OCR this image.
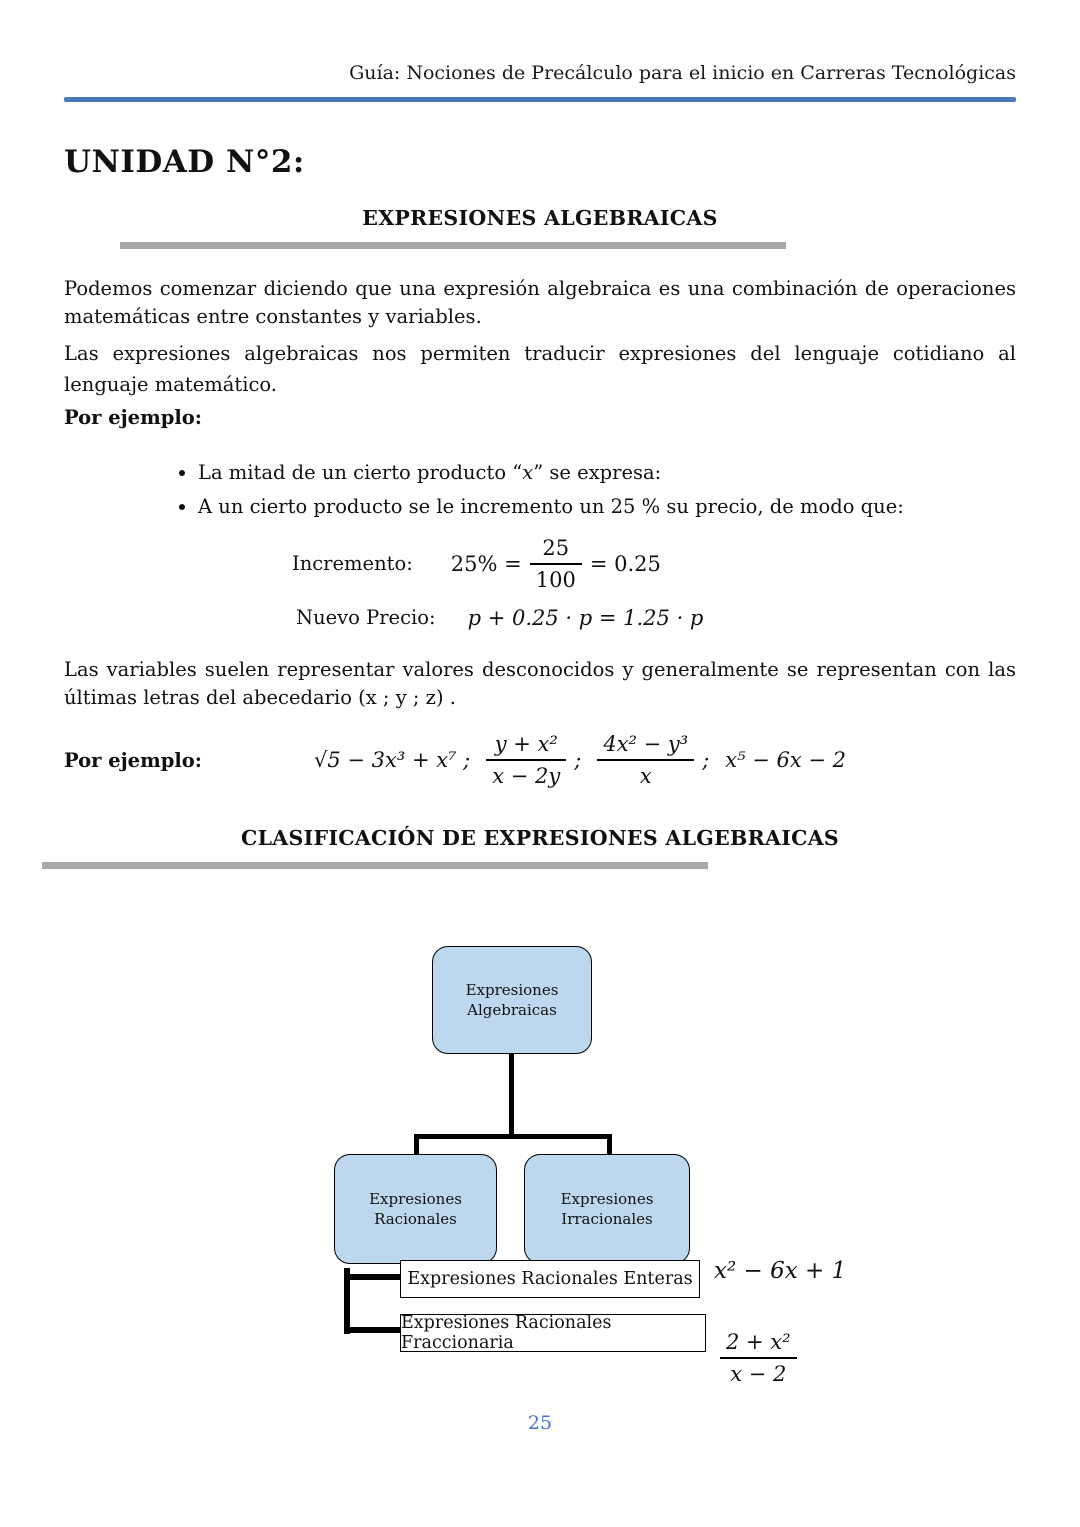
Guía: Nociones de Precálculo para el inicio en Carreras Tecnológicas
UNIDAD N°2:
EXPRESIONES ALGEBRAICAS

Podemos comenzar diciendo que una expresión algebraica es una combinación de operaciones matemáticas entre constantes y variables.

Las expresiones algebraicas nos permiten traducir expresiones del lenguaje cotidiano al lenguaje matemático.

Por ejemplo:
• La mitad de un cierto producto “x” se expresa:
• A un cierto producto se le incremento un 25 % su precio, de modo que:
Incremento: $25\% = \frac{25}{100} = 0.25$
Nuevo Precio: p + 0.25 · p = 1.25 · p

Las variables suelen representar valores desconocidos y generalmente se representan con las últimas letras del abecedario (x ; y ; z) .

Por ejemplo:	√5 − 3x³ + x⁷ ; $\frac{\text{y + x²}}{x - 2y}$ ; $\frac{\text{4x² − y³}}{x}$ ; x⁵ − 6x − 2
CLASIFICACIÓN DE EXPRESIONES ALGEBRAICAS
Expresiones Algebraicas
Expresiones Racionales
Expresiones Irracionales
Expresiones Racionales Enteras
Expresiones Racionales Fraccionaria
x² − 6x + 1
$\frac{\text{2 + x²}}{x - 2}$
25
